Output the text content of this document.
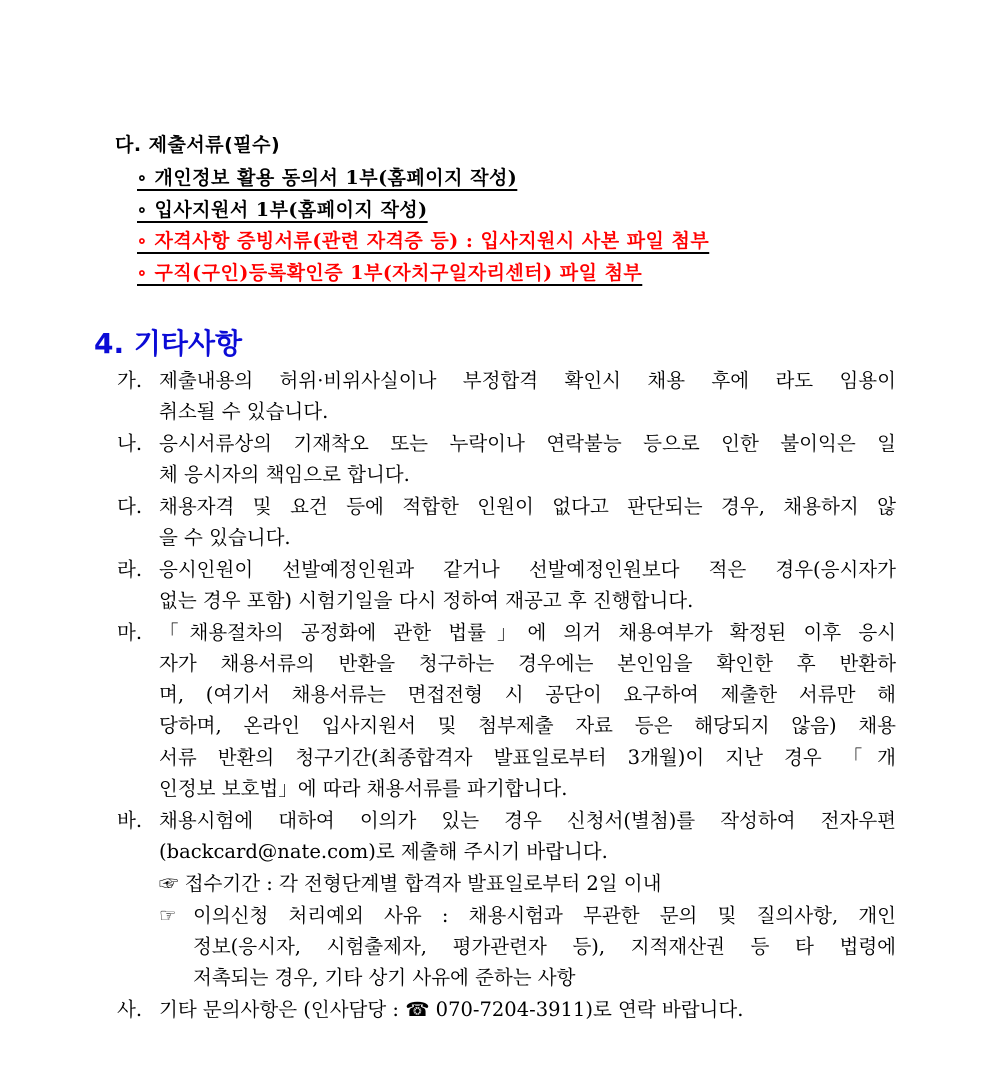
다. 제출서류(필수)
∘ 개인정보 활용 동의서 1부(홈페이지 작성)
∘ 입사지원서 1부(홈페이지 작성)
∘ 자격사항 증빙서류(관련 자격증 등) : 입사지원시 사본 파일 첨부
∘ 구직(구인)등록확인증 1부(자치구일자리센터) 파일 첨부
4. 기타사항
가. 제출내용의 허위·비위사실이나 부정합격 확인시 채용 후에 라도 임용이
취소될 수 있습니다.
나. 응시서류상의 기재착오 또는 누락이나 연락불능 등으로 인한 불이익은 일
체 응시자의 책임으로 합니다.
다. 채용자격 및 요건 등에 적합한 인원이 없다고 판단되는 경우, 채용하지 않
을 수 있습니다.
라. 응시인원이 선발예정인원과 같거나 선발예정인원보다 적은 경우(응시자가
없는 경우 포함) 시험기일을 다시 정하여 재공고 후 진행합니다.
마. 「채용절차의 공정화에 관한 법률」에 의거 채용여부가 확정된 이후 응시
자가 채용서류의 반환을 청구하는 경우에는 본인임을 확인한 후 반환하
며, (여기서 채용서류는 면접전형 시 공단이 요구하여 제출한 서류만 해
당하며, 온라인 입사지원서 및 첨부제출 자료 등은 해당되지 않음) 채용
서류 반환의 청구기간(최종합격자 발표일로부터 3개월)이 지난 경우 「개
인정보 보호법」에 따라 채용서류를 파기합니다.
바. 채용시험에 대하여 이의가 있는 경우 신청서(별첨)를 작성하여 전자우편
(backcard@nate.com)로 제출해 주시기 바랍니다.
☞ 접수기간 : 각 전형단계별 합격자 발표일로부터 2일 이내
☞ 이의신청 처리예외 사유 : 채용시험과 무관한 문의 및 질의사항, 개인
정보(응시자, 시험출제자, 평가관련자 등), 지적재산권 등 타 법령에
저촉되는 경우, 기타 상기 사유에 준하는 사항
사. 기타 문의사항은 (인사담당 : ☎ 070-7204-3911)로 연락 바랍니다.
